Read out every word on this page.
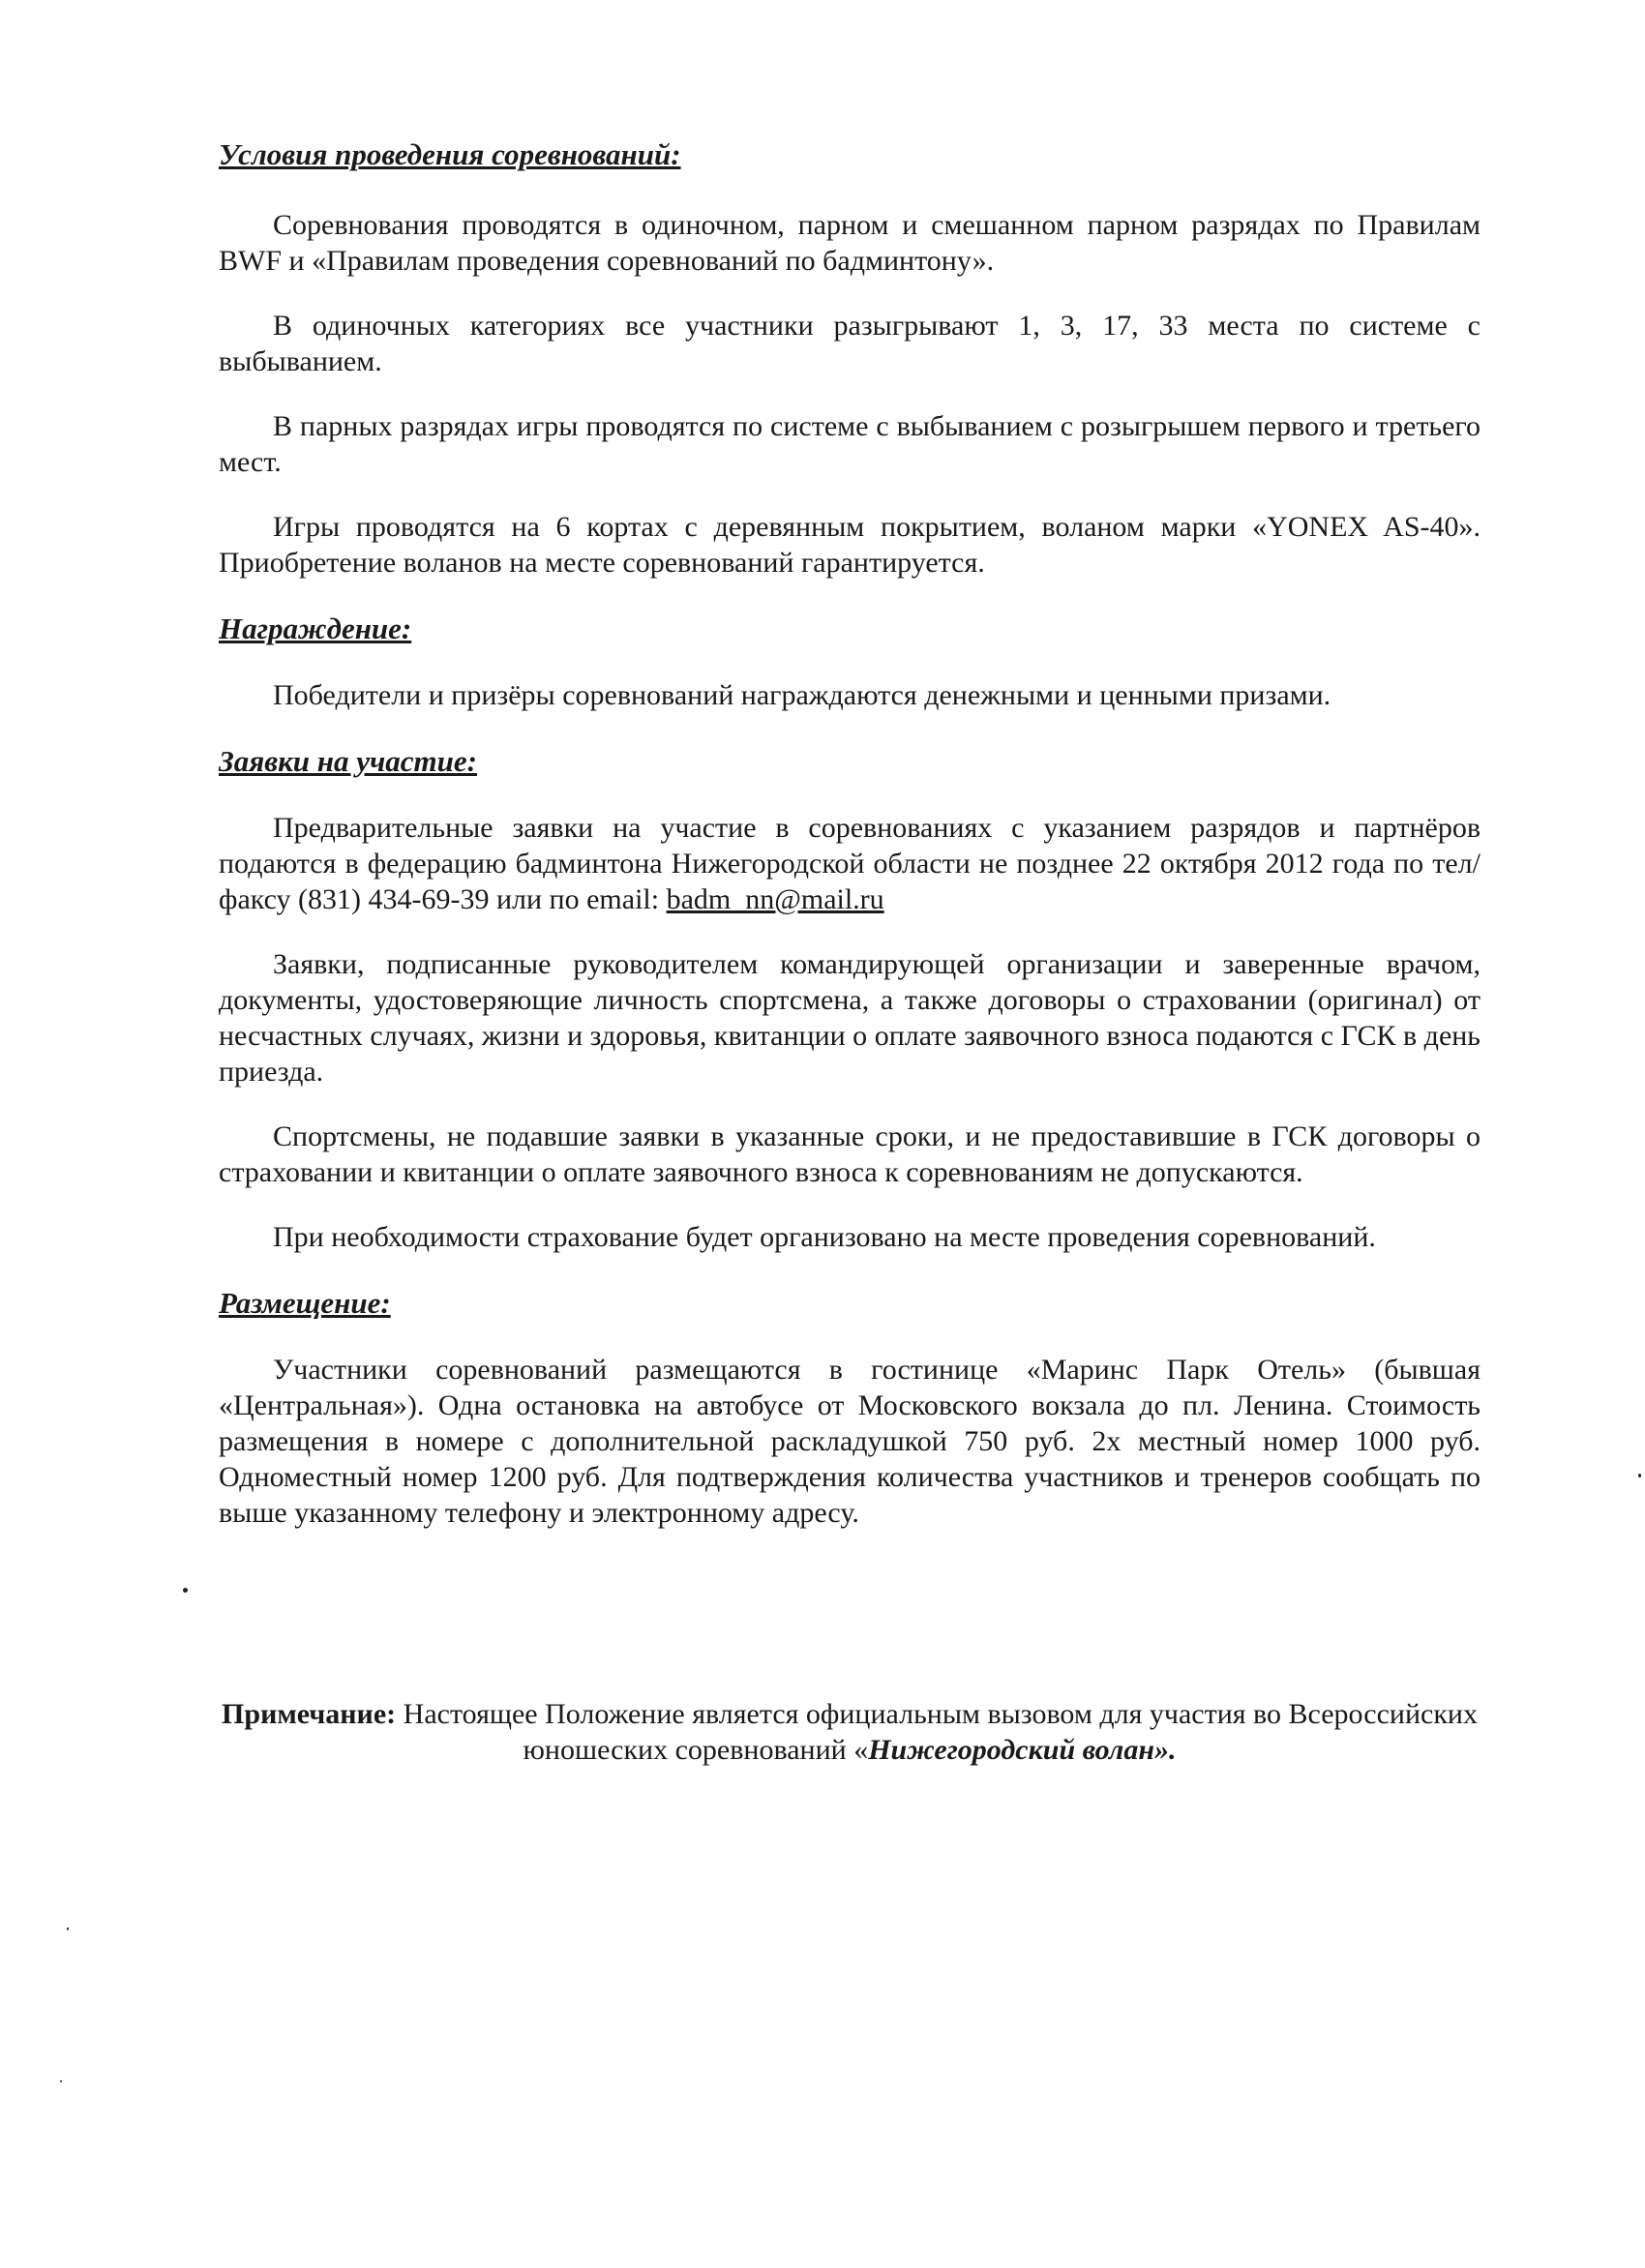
Условия проведения соревнований:

Соревнования проводятся в одиночном, парном и смешанном парном разрядах по Правилам BWF и «Правилам проведения соревнований по бадминтону».

В одиночных категориях все участники разыгрывают 1, 3, 17, 33 места по системе с выбыванием.

В парных разрядах игры проводятся по системе с выбыванием с розыгрышем первого и третьего мест.

Игры проводятся на 6 кортах с деревянным покрытием, воланом марки «YONEX AS-40». Приобретение воланов на месте соревнований гарантируется.

Награждение:

Победители и призёры соревнований награждаются денежными и ценными призами.

Заявки на участие:

Предварительные заявки на участие в соревнованиях с указанием разрядов и партнёров подаются в федерацию бадминтона Нижегородской области не позднее 22 октября 2012 года по тел/факсу (831) 434-69-39 или по email: badm_nn@mail.ru

Заявки, подписанные руководителем командирующей организации и заверенные врачом, документы, удостоверяющие личность спортсмена, а также договоры о страховании (оригинал) от несчастных случаях, жизни и здоровья, квитанции о оплате заявочного взноса подаются с ГСК в день приезда.

Спортсмены, не подавшие заявки в указанные сроки, и не предоставившие в ГСК договоры о страховании и квитанции о оплате заявочного взноса к соревнованиям не допускаются.

При необходимости страхование будет организовано на месте проведения соревнований.

Размещение:

Участники соревнований размещаются в гостинице «Маринс Парк Отель» (бывшая «Центральная»). Одна остановка на автобусе от Московского вокзала до пл. Ленина. Стоимость размещения в номере с дополнительной раскладушкой 750 руб. 2х местный номер 1000 руб. Одноместный номер 1200 руб. Для подтверждения количества участников и тренеров сообщать по выше указанному телефону и электронному адресу.

Примечание: Настоящее Положение является официальным вызовом для участия во Всероссийских юношеских соревнований «Нижегородский волан».
